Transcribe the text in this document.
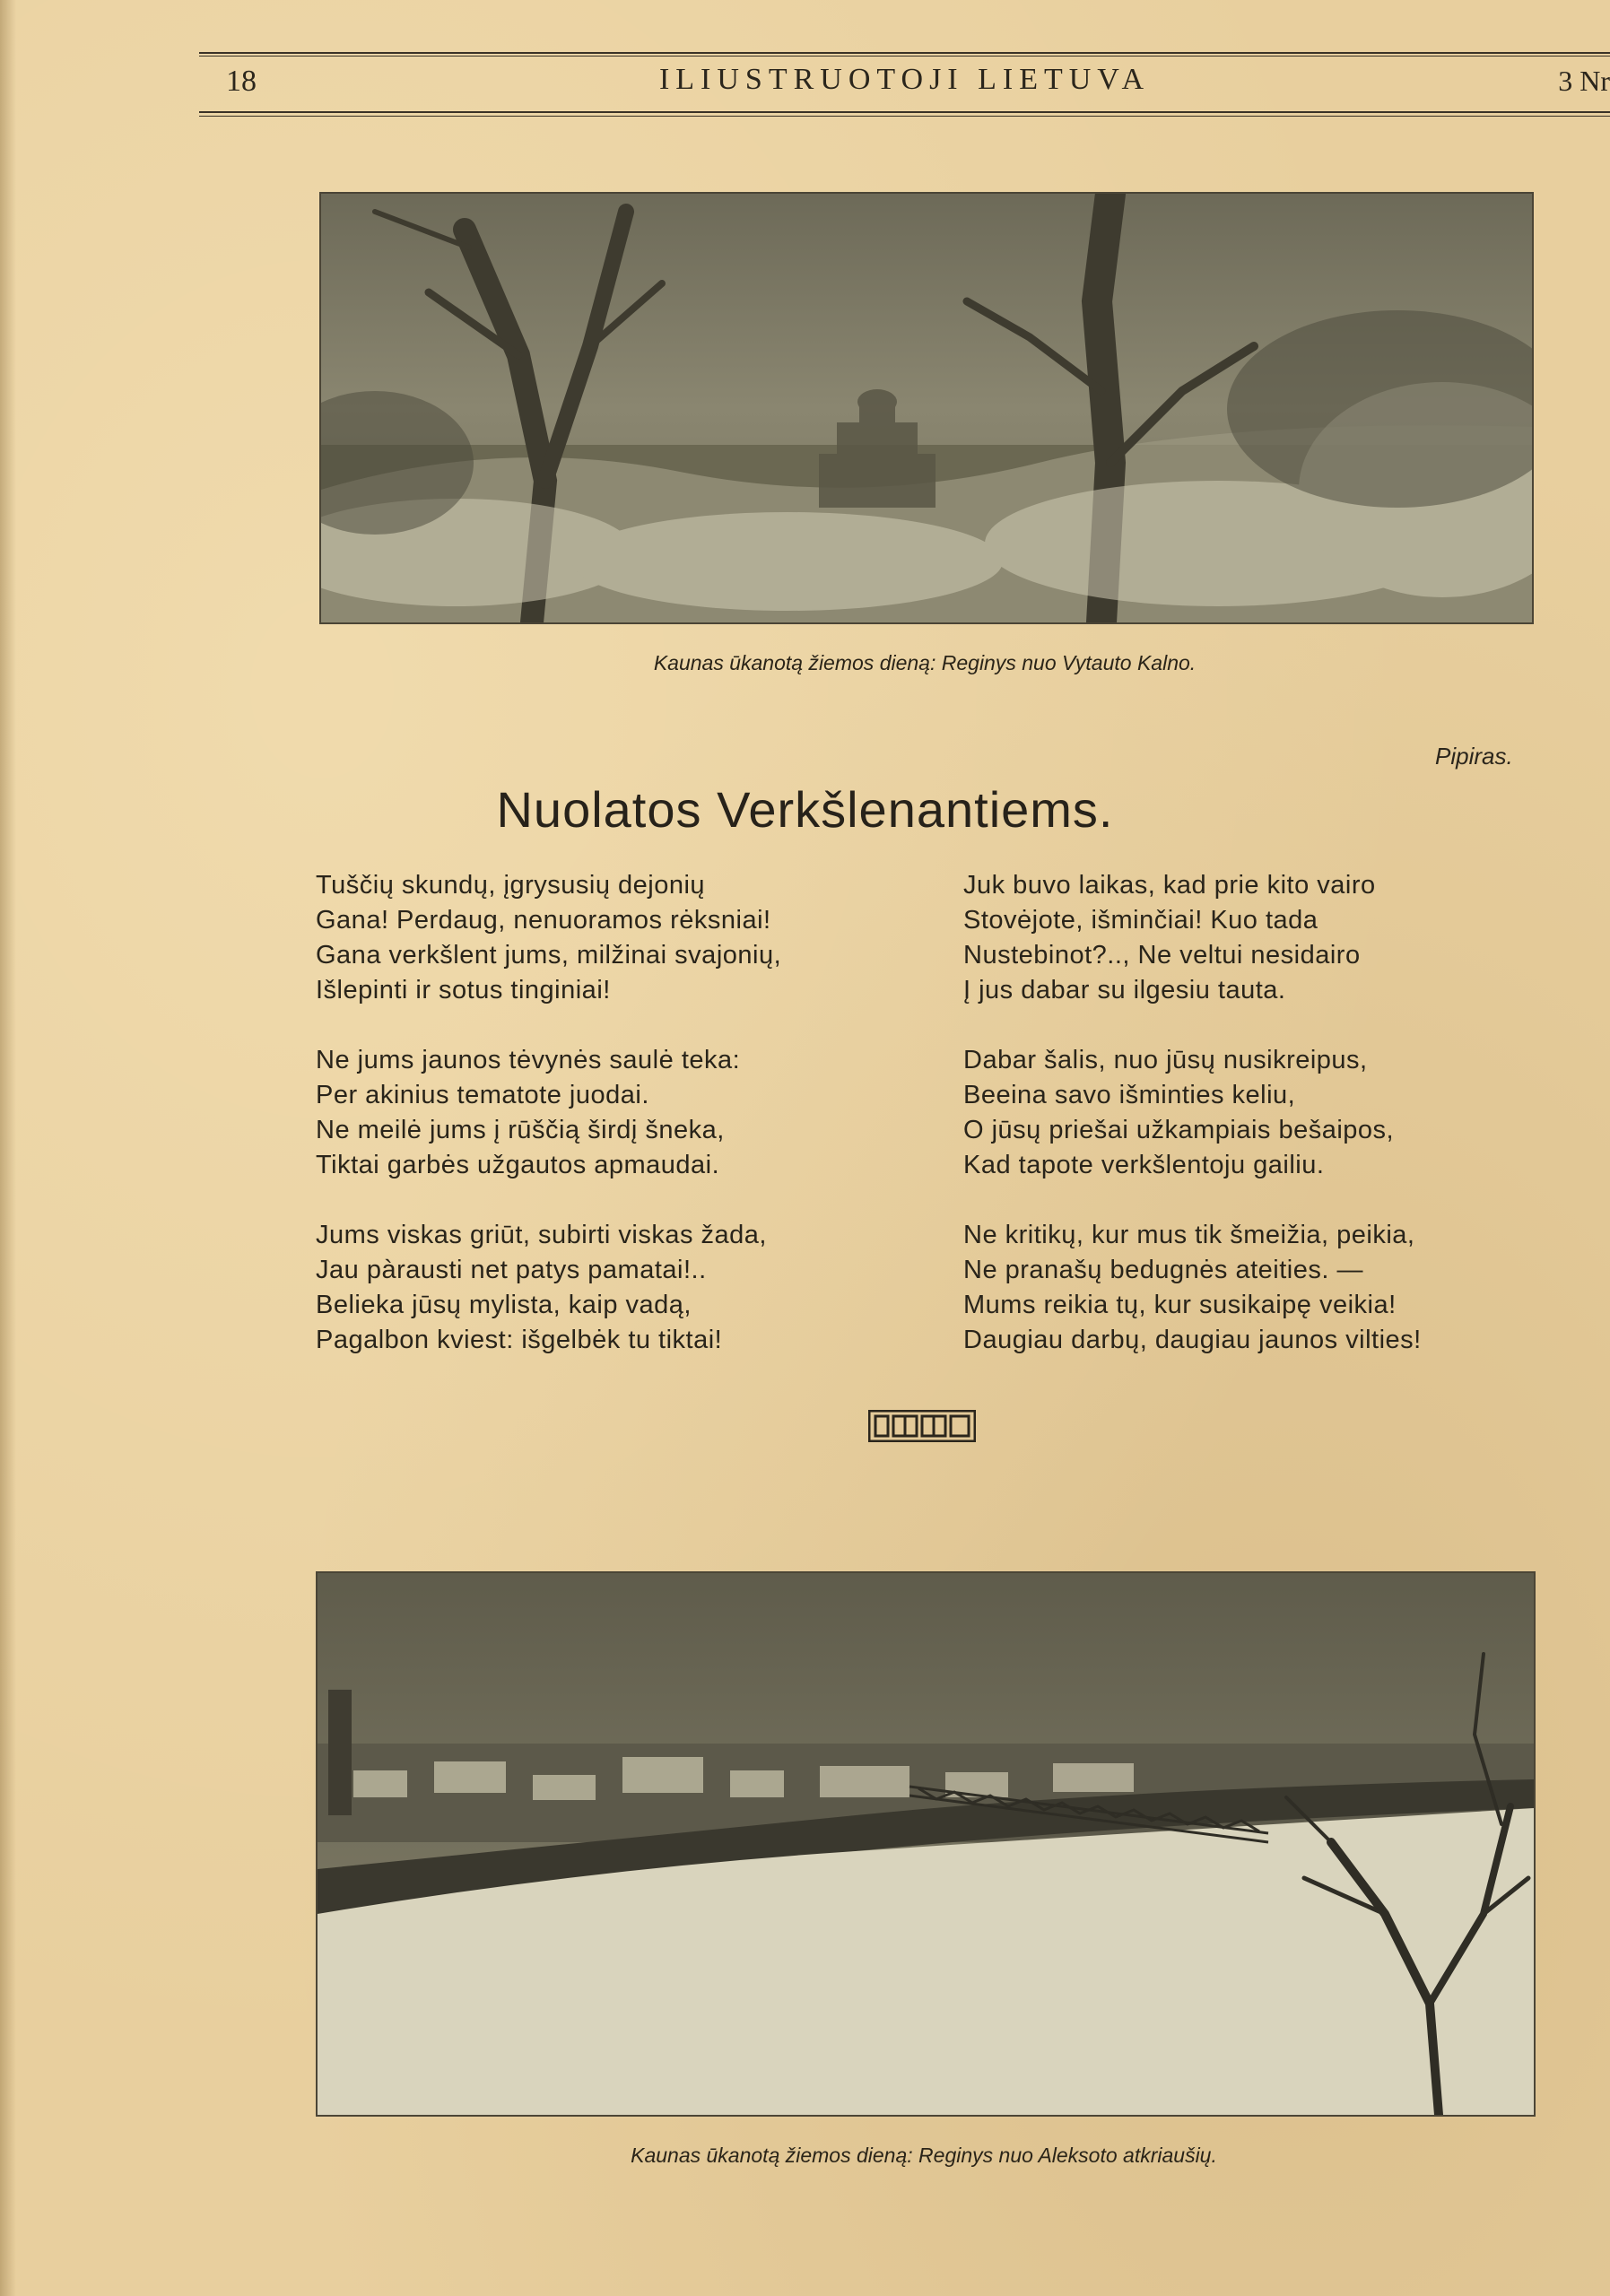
18	ILIUSTRUOTOJI LIETUVA	3 Nr
Kaunas ūkanotą žiemos dieną: Reginys nuo Vytauto Kalno.
Pipiras.
Nuolatos Verkšlenantiems.
Tuščių skundų, įgrysusių dejonių
Gana! Perdaug, nenuoramos rėksniai!
Gana verkšlent jums, milžinai svajonių,
Išlepinti ir sotus tinginiai!
Ne jums jaunos tėvynės saulė teka:
Per akinius tematote juodai.
Ne meilė jums į rūščią širdį šneka,
Tiktai garbės užgautos apmaudai.
Jums viskas griūt, subirti viskas žada,
Jau pàrausti net patys pamatai!..
Belieka jūsų mylista, kaip vadą,
Pagalbon kviest: išgelbėk tu tiktai!
Juk buvo laikas, kad prie kito vairo
Stovėjote, išminčiai! Kuo tada
Nustebinot?.., Ne veltui nesidairo
Į jus dabar su ilgesiu tauta.
Dabar šalis, nuo jūsų nusikreipus,
Beeina savo išminties keliu,
O jūsų priešai užkampiais bešaipos,
Kad tapote verkšlentoju gailiu.
Ne kritikų, kur mus tik šmeižia, peikia,
Ne pranašų bedugnės ateities. —
Mums reikia tų, kur susikaipę veikia!
Daugiau darbų, daugiau jaunos vilties!
Kaunas ūkanotą žiemos dieną: Reginys nuo Aleksoto atkriaušių.
